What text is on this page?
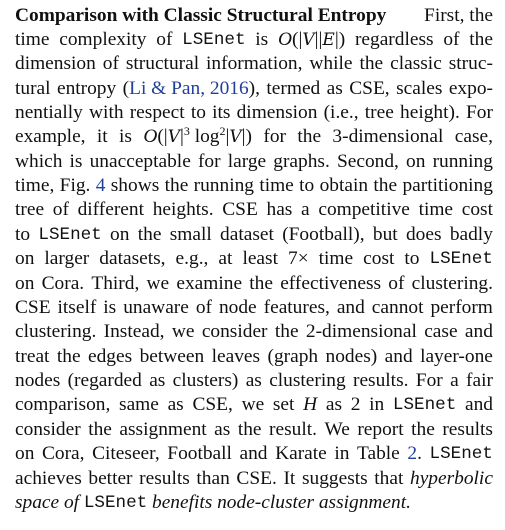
Comparison with Classic Structural Entropy First, the
time complexity of LSEnet is O(|V||E|) regardless of the
dimension of structural information, while the classic struc-
tural entropy (Li & Pan, 2016), termed as CSE, scales expo-
nentially with respect to its dimension (i.e., tree height). For
example, it is $O(|V|^3$ $\log^2|V|$) for the 3-dimensional case,
which is unacceptable for large graphs. Second, on running
time, Fig. 4 shows the running time to obtain the partitioning
tree of different heights. CSE has a competitive time cost
to LSEnet on the small dataset (Football), but does badly
on larger datasets, e.g., at least 7× time cost to LSEnet
on Cora. Third, we examine the effectiveness of clustering.
CSE itself is unaware of node features, and cannot perform
clustering. Instead, we consider the 2-dimensional case and
treat the edges between leaves (graph nodes) and layer-one
nodes (regarded as clusters) as clustering results. For a fair
comparison, same as CSE, we set H as 2 in LSEnet and
consider the assignment as the result. We report the results
on Cora, Citeseer, Football and Karate in Table 2. LSEnet
achieves better results than CSE. It suggests that hyperbolic
space of LSEnet benefits node-cluster assignment.
